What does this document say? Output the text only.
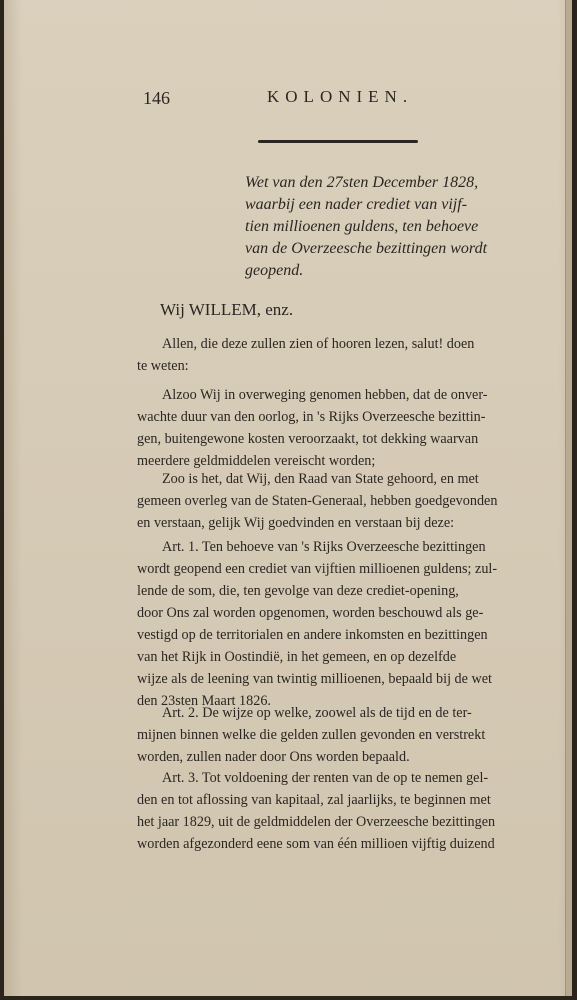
146	KOLONIEN.
Wet van den 27sten December 1828,
waarbij een nader crediet van vijf-
tien millioenen guldens, ten behoeve
van de Overzeesche bezittingen wordt
geopend.
Wij WILLEM, enz.
Allen, die deze zullen zien of hooren lezen, salut! doen
te weten:
Alzoo Wij in overweging genomen hebben, dat de onver-
wachte duur van den oorlog, in 's Rijks Overzeesche bezittin-
gen, buitengewone kosten veroorzaakt, tot dekking waarvan
meerdere geldmiddelen vereischt worden;
Zoo is het, dat Wij, den Raad van State gehoord, en met
gemeen overleg van de Staten-Generaal, hebben goedgevonden
en verstaan, gelijk Wij goedvinden en verstaan bij deze:
Art. 1. Ten behoeve van 's Rijks Overzeesche bezittingen
wordt geopend een crediet van vijftien millioenen guldens; zul-
lende de som, die, ten gevolge van deze crediet-opening,
door Ons zal worden opgenomen, worden beschouwd als ge-
vestigd op de territorialen en andere inkomsten en bezittingen
van het Rijk in Oostindië, in het gemeen, en op dezelfde
wijze als de leening van twintig millioenen, bepaald bij de wet
den 23sten Maart 1826.
Art. 2. De wijze op welke, zoowel als de tijd en de ter-
mijnen binnen welke die gelden zullen gevonden en verstrekt
worden, zullen nader door Ons worden bepaald.
Art. 3. Tot voldoening der renten van de op te nemen gel-
den en tot aflossing van kapitaal, zal jaarlijks, te beginnen met
het jaar 1829, uit de geldmiddelen der Overzeesche bezittingen
worden afgezonderd eene som van één millioen vijftig duizend
